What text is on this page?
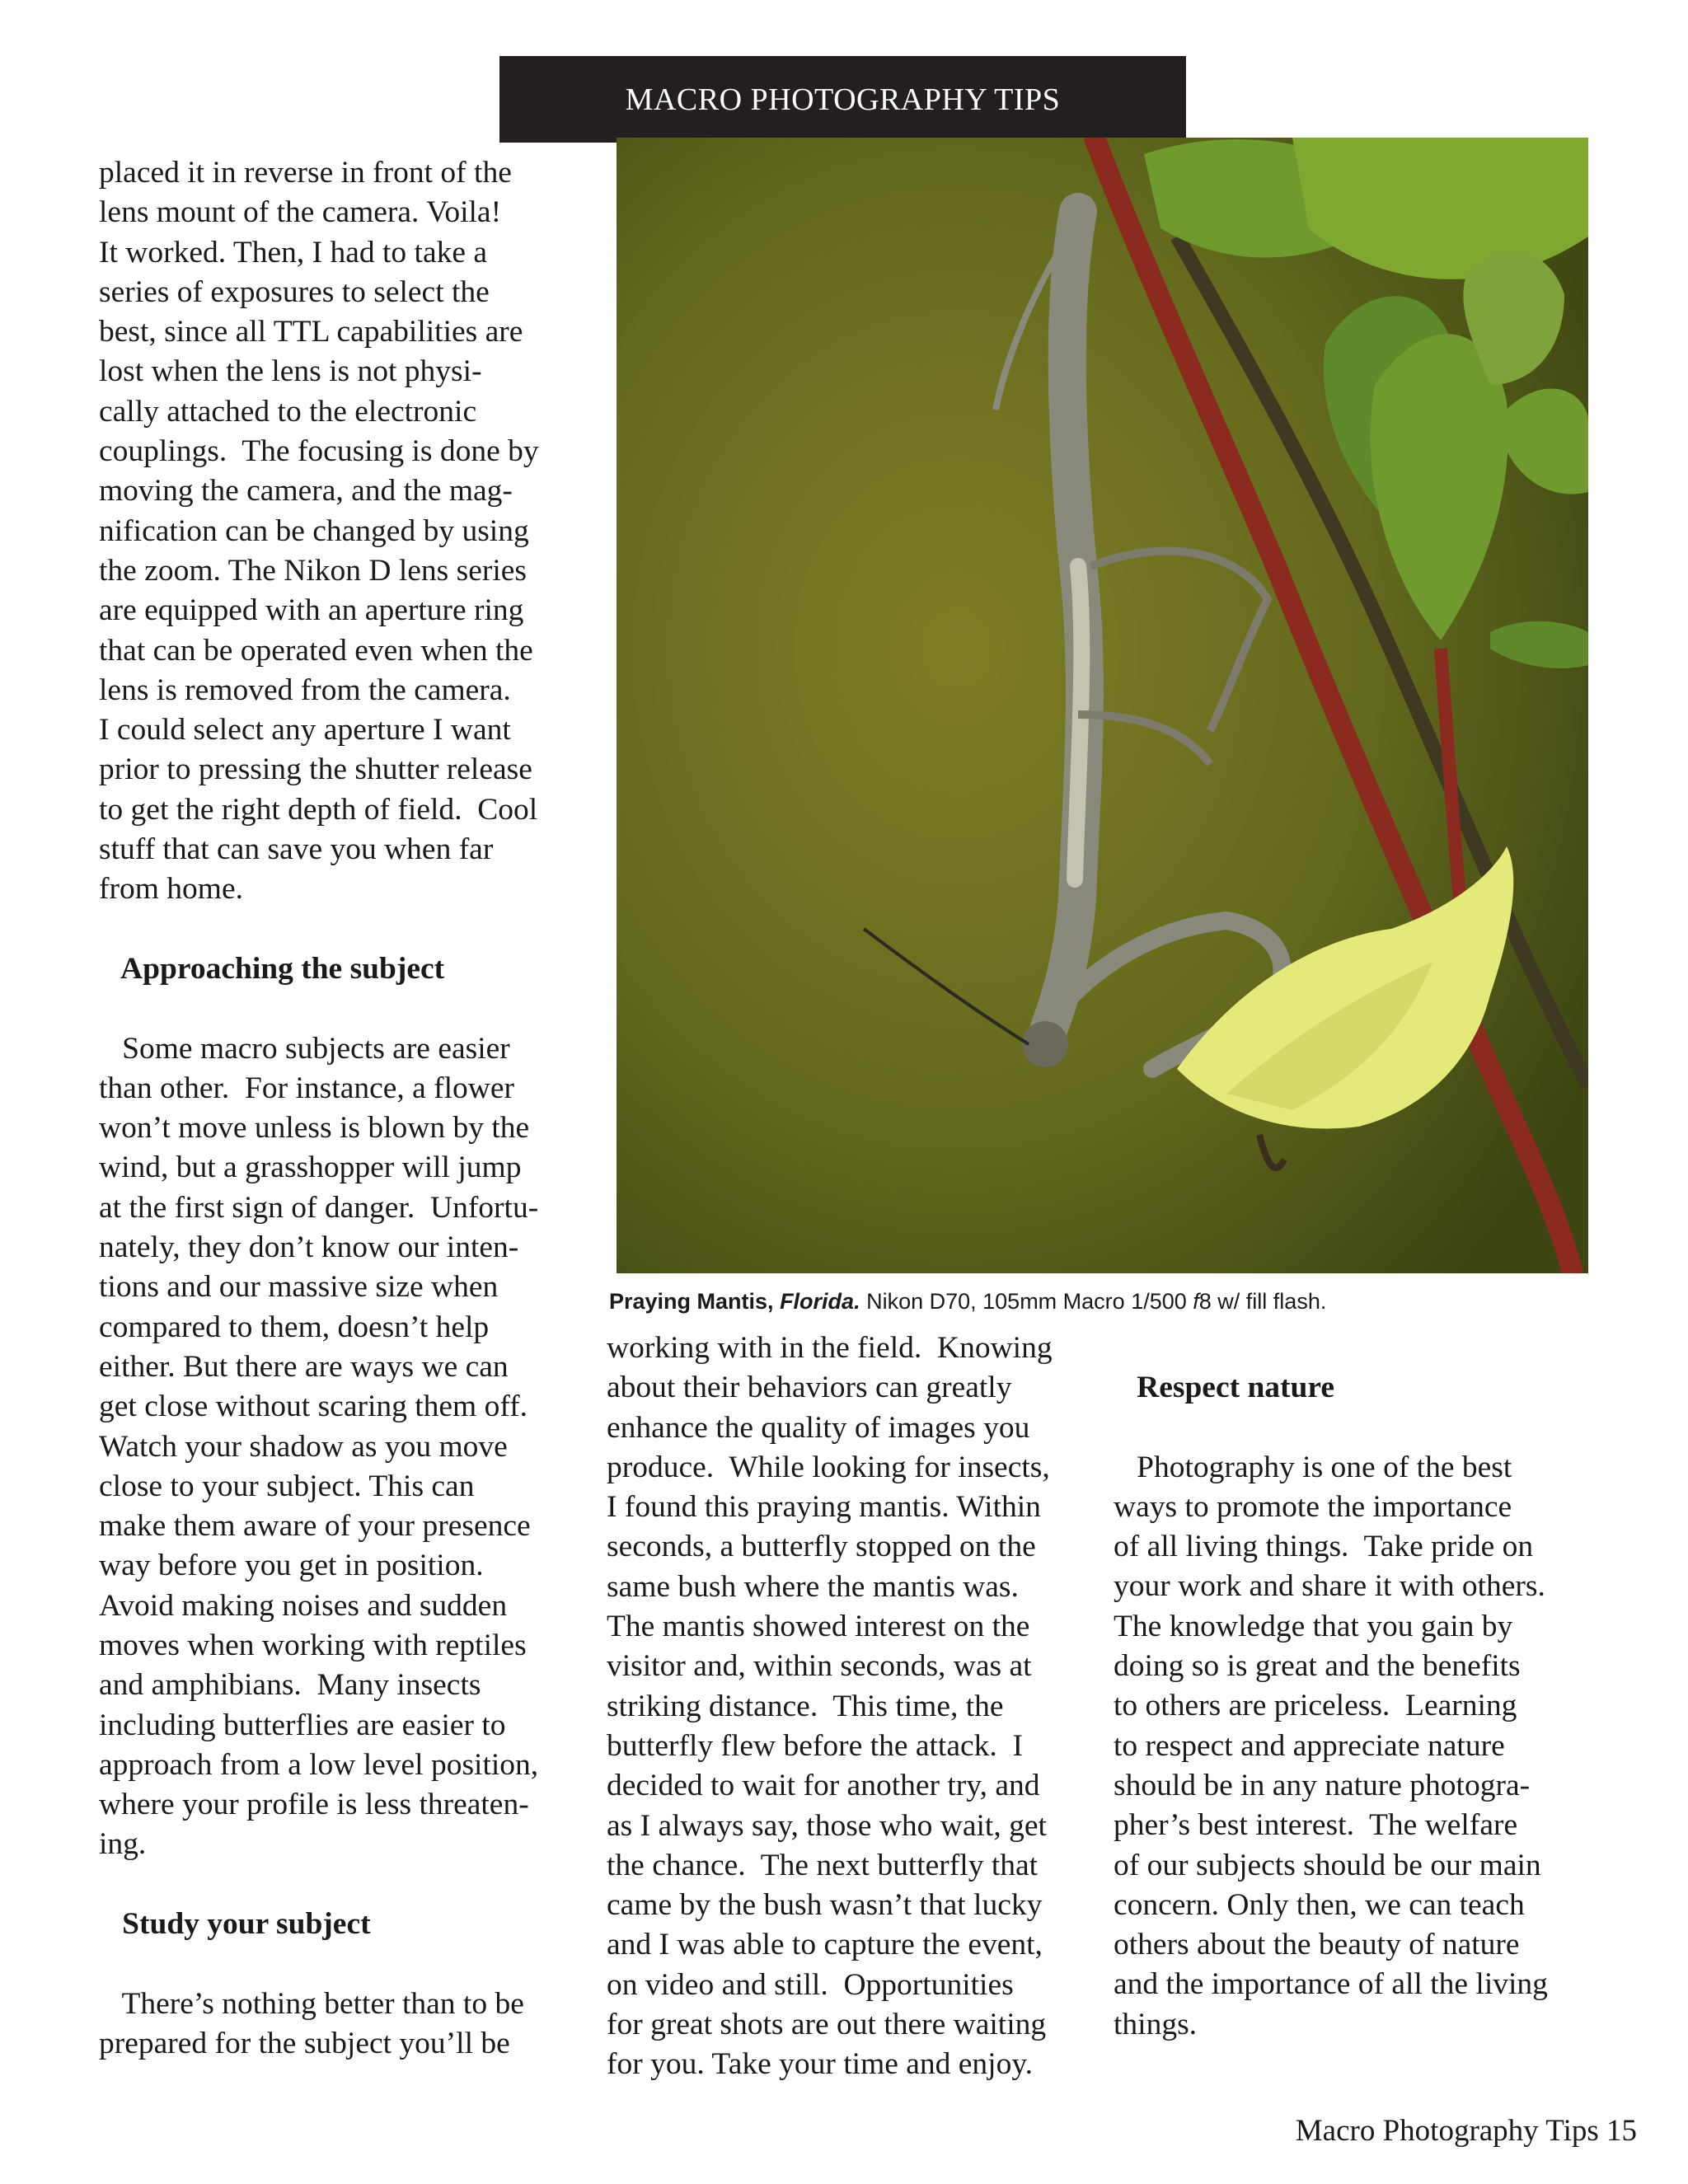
MACRO PHOTOGRAPHY TIPS
placed it in reverse in front of the
lens mount of the camera. Voila!
It worked. Then, I had to take a
series of exposures to select the
best, since all TTL capabilities are
lost when the lens is not physi-
cally attached to the electronic
couplings.  The focusing is done by
moving the camera, and the mag-
nification can be changed by using
the zoom. The Nikon D lens series
are equipped with an aperture ring
that can be operated even when the
lens is removed from the camera.
I could select any aperture I want
prior to pressing the shutter release
to get the right depth of field.  Cool
stuff that can save you when far
from home.
Approaching the subject
Some macro subjects are easier
than other.  For instance, a flower
won’t move unless is blown by the
wind, but a grasshopper will jump
at the first sign of danger.  Unfortu-
nately, they don’t know our inten-
tions and our massive size when
compared to them, doesn’t help
either. But there are ways we can
get close without scaring them off.
Watch your shadow as you move
close to your subject. This can
make them aware of your presence
way before you get in position.
Avoid making noises and sudden
moves when working with reptiles
and amphibians.  Many insects
including butterflies are easier to
approach from a low level position,
where your profile is less threaten-
ing.
Study your subject
There’s nothing better than to be
prepared for the subject you’ll be
Praying Mantis, Florida. Nikon D70, 105mm Macro 1/500 f8 w/ fill flash.
working with in the field.  Knowing
about their behaviors can greatly
enhance the quality of images you
produce.  While looking for insects,
I found this praying mantis. Within
seconds, a butterfly stopped on the
same bush where the mantis was.
The mantis showed interest on the
visitor and, within seconds, was at
striking distance.  This time, the
butterfly flew before the attack.  I
decided to wait for another try, and
as I always say, those who wait, get
the chance.  The next butterfly that
came by the bush wasn’t that lucky
and I was able to capture the event,
on video and still.  Opportunities
for great shots are out there waiting
for you. Take your time and enjoy.
Respect nature
Photography is one of the best
ways to promote the importance
of all living things.  Take pride on
your work and share it with others.
The knowledge that you gain by
doing so is great and the benefits
to others are priceless.  Learning
to respect and appreciate nature
should be in any nature photogra-
pher’s best interest.  The welfare
of our subjects should be our main
concern. Only then, we can teach
others about the beauty of nature
and the importance of all the living
things.
Macro Photography Tips 15
